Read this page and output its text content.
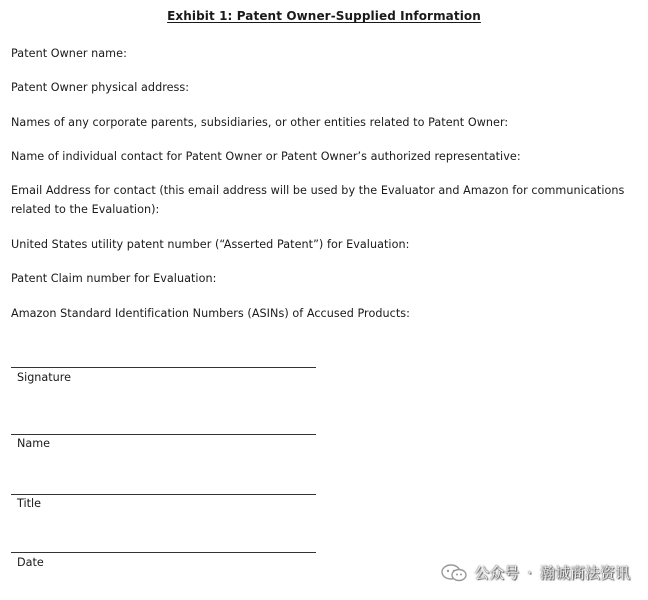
Exhibit 1: Patent Owner-Supplied Information
Patent Owner name:
Patent Owner physical address:
Names of any corporate parents, subsidiaries, or other entities related to Patent Owner:
Name of individual contact for Patent Owner or Patent Owner’s authorized representative:
Email Address for contact (this email address will be used by the Evaluator and Amazon for communications related to the Evaluation):
United States utility patent number (“Asserted Patent”) for Evaluation:
Patent Claim number for Evaluation:
Amazon Standard Identification Numbers (ASINs) of Accused Products:
Signature
Name
Title
Date
公众号 · 瀚诚商法资讯
